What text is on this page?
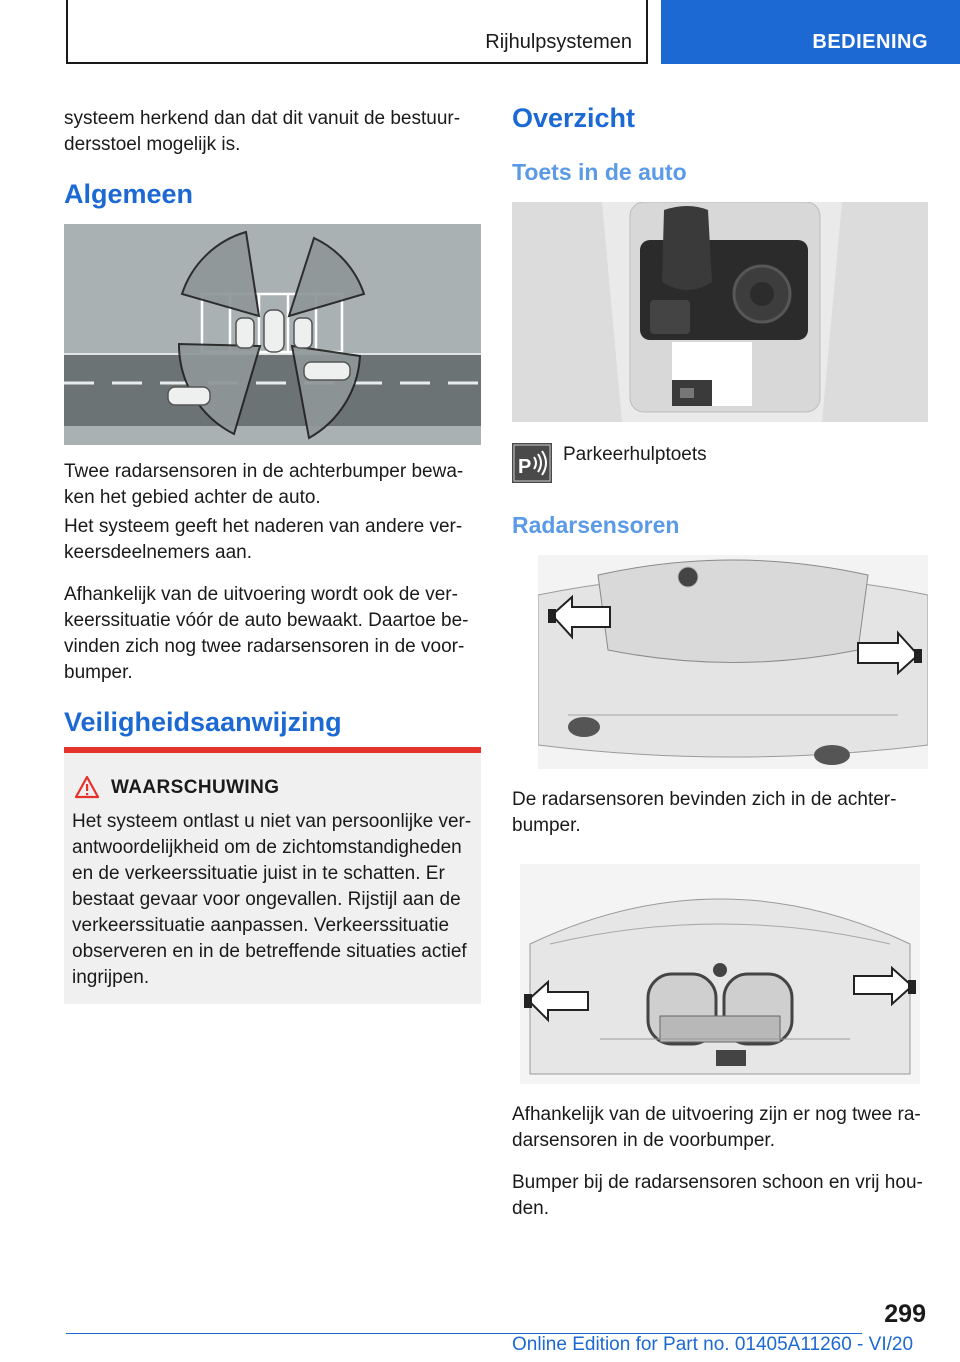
Rijhulpsystemen	BEDIENING

systeem herkend dan dat dit vanuit de bestuur-

dersstoel mogelijk is.

Algemeen

Twee radarsensoren in de achterbumper bewa-

ken het gebied achter de auto.

Het systeem geeft het naderen van andere ver-

keersdeelnemers aan.

Afhankelijk van de uitvoering wordt ook de ver-

keerssituatie vóór de auto bewaakt. Daartoe be-

vinden zich nog twee radarsensoren in de voor-

bumper.

Veiligheidsaanwijzing
WAARSCHUWING
Het systeem ontlast u niet van persoonlijke ver-
antwoordelijkheid om de zichtomstandigheden
en de verkeerssituatie juist in te schatten. Er
bestaat gevaar voor ongevallen. Rijstijl aan de
verkeerssituatie aanpassen. Verkeerssituatie
observeren en in de betreffende situaties actief
ingrijpen.
Overzicht
Toets in de auto
P

Parkeerhulptoets

Radarsensoren

De radarsensoren bevinden zich in de achter-

bumper.

Afhankelijk van de uitvoering zijn er nog twee ra-

darsensoren in de voorbumper.

Bumper bij de radarsensoren schoon en vrij hou-

den.

299
Online Edition for Part no. 01405A11260 - VI/20
